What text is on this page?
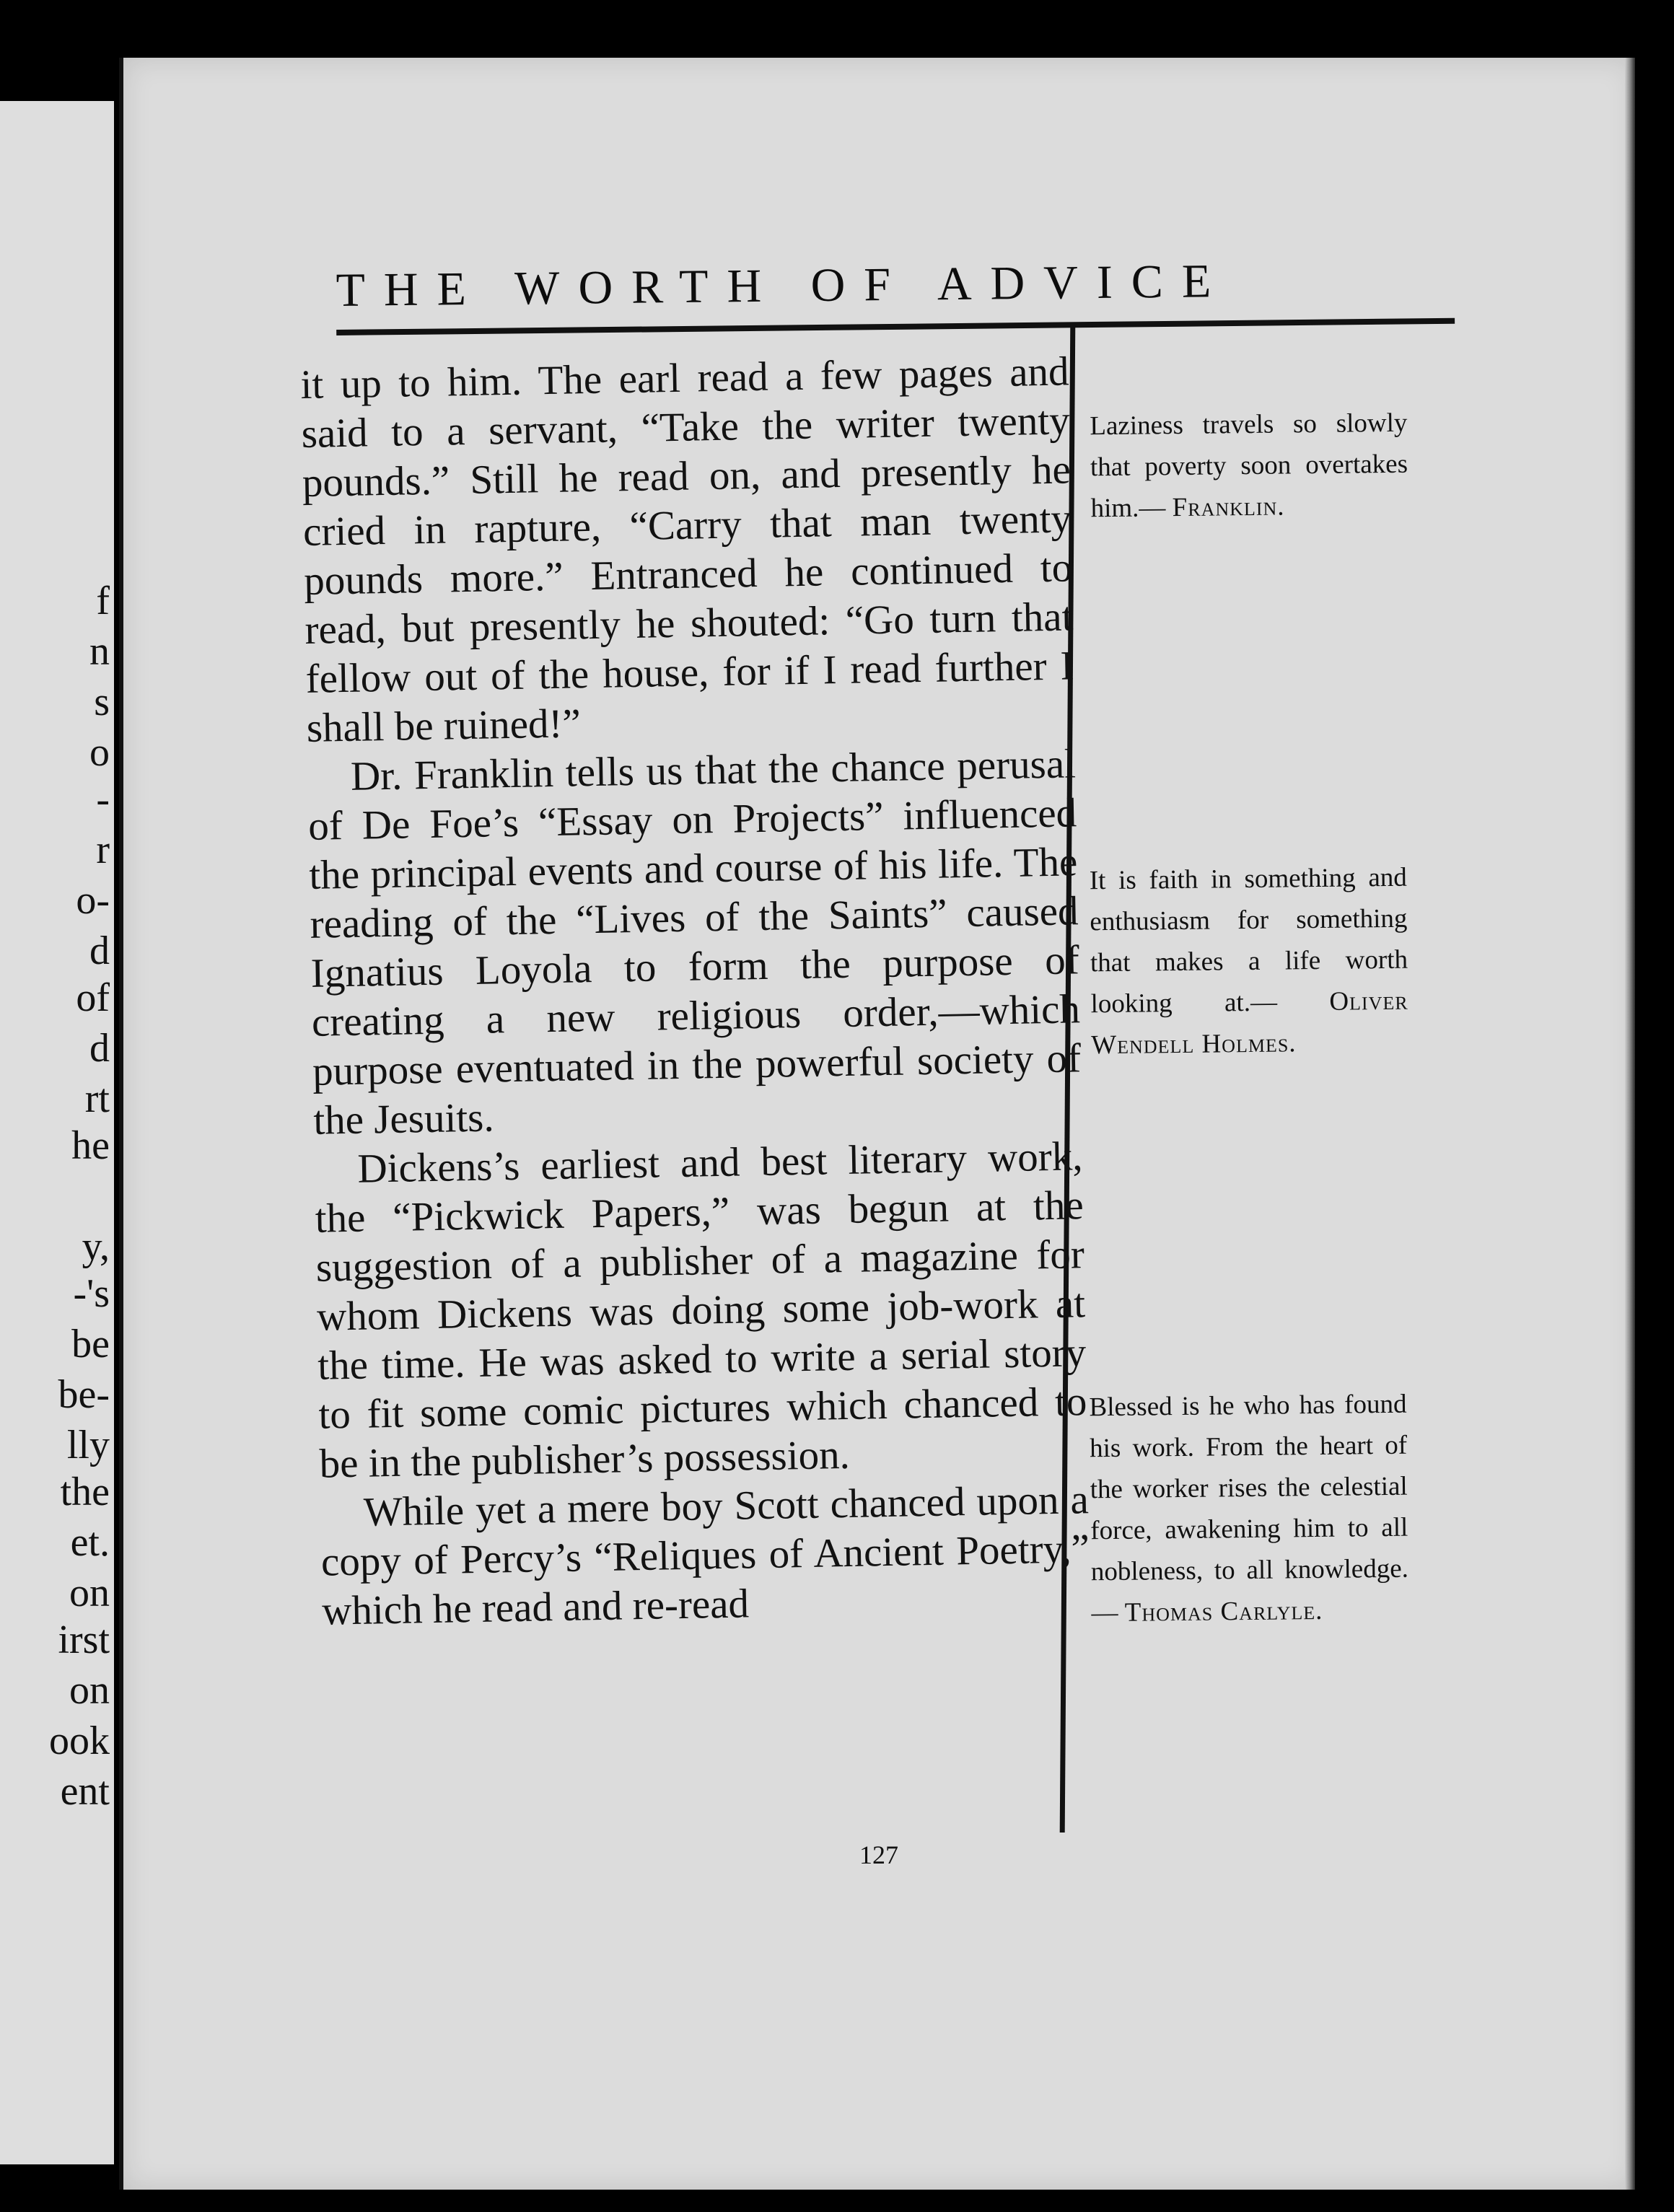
f
n
s
o
-
r
o-
d
of
d
rt
he
y,
-'s
be
be-
lly
the
et.
on
irst
on
ook
ent
THE WORTH OF ADVICE

it up to him. The earl read a few pages and said to a servant, “Take the writer twenty pounds.” Still he read on, and presently he cried in rapture, “Carry that man twenty pounds more.” Entranced he continued to read, but presently he shouted: “Go turn that fellow out of the house, for if I read further I shall be ruined!”

Dr. Franklin tells us that the chance perusal of De Foe’s “Essay on Projects” influenced the principal events and course of his life. The reading of the “Lives of the Saints” caused Ignatius Loyola to form the purpose of creating a new religious order,—which purpose eventuated in the powerful society of the Jesuits.

Dickens’s earliest and best literary work, the “Pickwick Papers,” was begun at the suggestion of a publisher of a magazine for whom Dickens was doing some job-work at the time. He was asked to write a serial story to fit some comic pictures which chanced to be in the publisher’s possession.

While yet a mere boy Scott chanced upon a copy of Percy’s “Reliques of Ancient Poetry,” which he read and re-read

Laziness travels so slowly that poverty soon overtakes him.— Franklin.
It is faith in something and enthusiasm for something that makes a life worth looking at.— Oliver Wendell Holmes.
Blessed is he who has found his work. From the heart of the worker rises the celestial force, awakening him to all nobleness, to all knowledge.— Thomas Carlyle.
127
